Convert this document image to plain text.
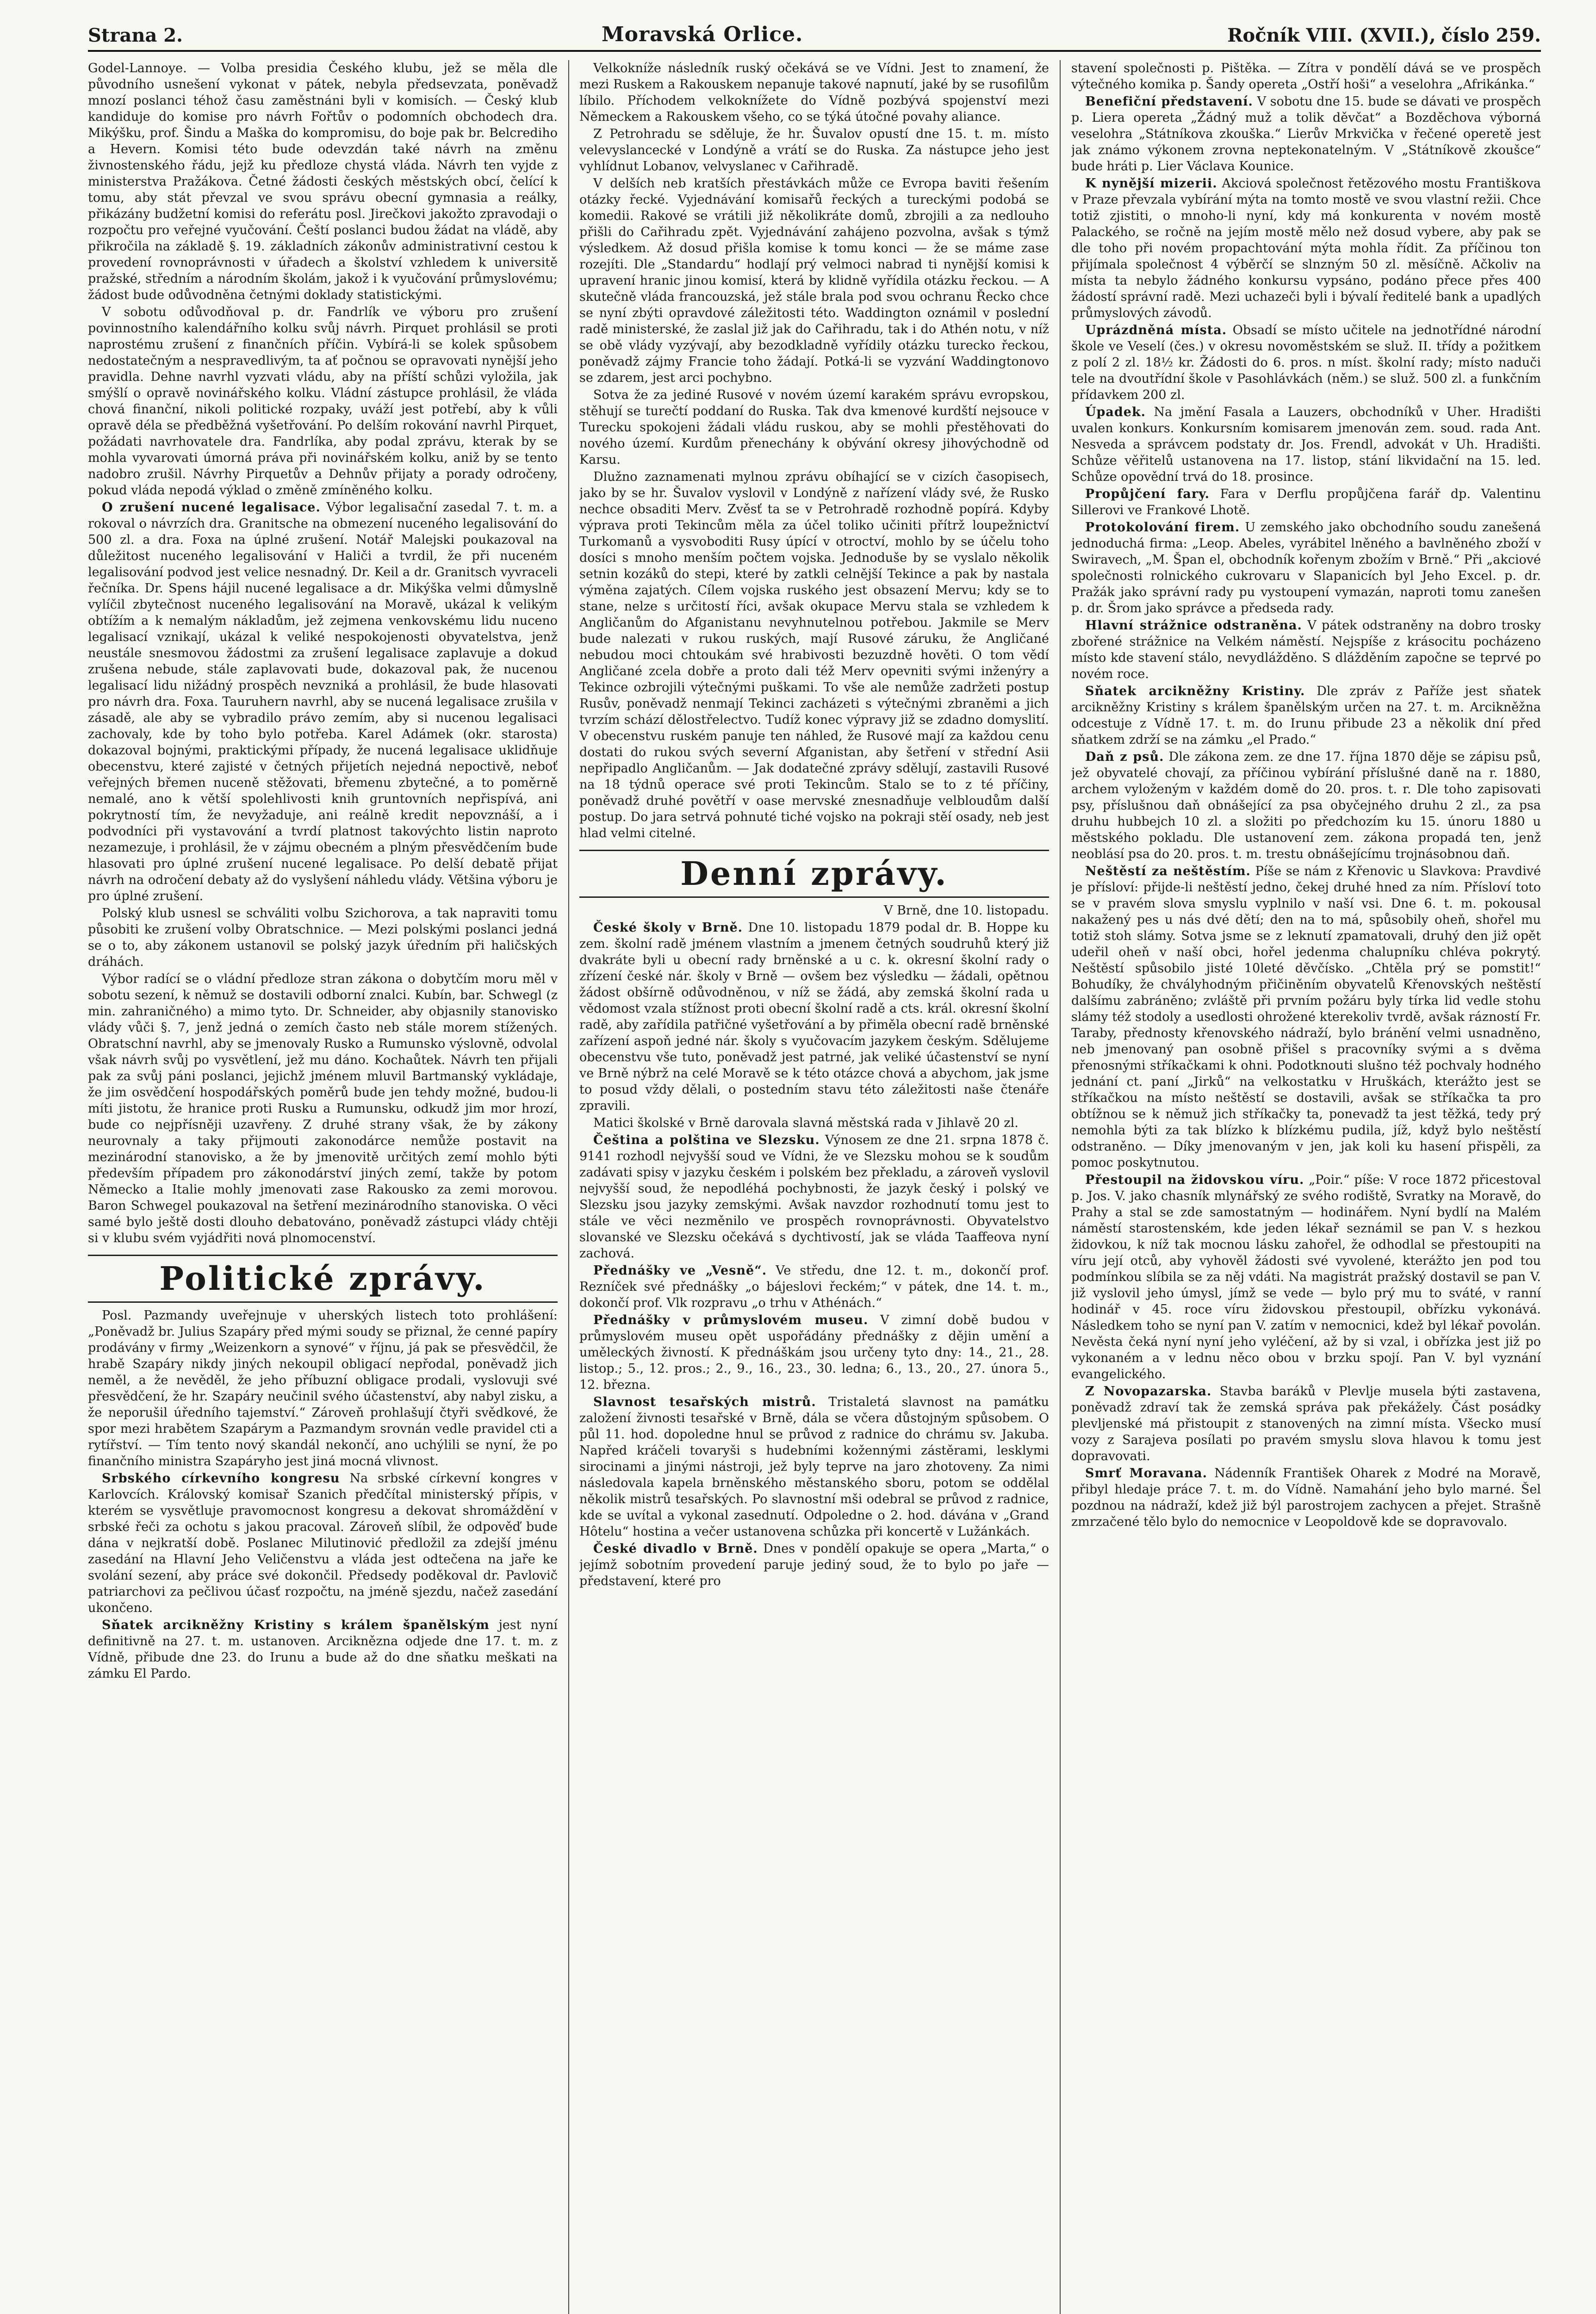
Strana 2.	Moravská Orlice.	Ročník VIII. (XVII.), číslo 259.

Godel-Lannoye. — Volba presidia Českého klubu, jež se měla dle původního usnešení vykonat v pátek, nebyla předsevzata, poněvadž mnozí poslanci téhož času zaměstnáni byli v komisích. — Český klub kandiduje do komise pro návrh Fořtův o podomních obchodech dra. Mikýšku, prof. Šindu a Maška do kompromisu, do boje pak br. Belcrediho a Hevern. Komisi této bude odevzdán také návrh na změnu živnostenského řádu, jejž ku předloze chystá vláda. Návrh ten vyjde z ministerstva Pražákova. Četné žádosti českých městských obcí, čelící k tomu, aby stát převzal ve svou správu obecní gymnasia a reálky, přikázány budžetní komisi do referátu posl. Jirečkovi jakožto zpravodaji o rozpočtu pro veřejné vyučování. Čeští poslanci budou žádat na vládě, aby přikročila na základě §. 19. základních zákonův administrativní cestou k provedení rovnoprávnosti v úřadech a školství vzhledem k universitě pražské, středním a národním školám, jakož i k vyučování průmyslovému; žádost bude odůvodněna četnými doklady statistickými.

V sobotu odůvodňoval p. dr. Fandrlík ve výboru pro zrušení povinnostního kalendářního kolku svůj návrh. Pirquet prohlásil se proti naprostému zrušení z finančních příčin. Vybírá-li se kolek spůsobem nedostatečným a nespravedlivým, ta ať počnou se opravovati nynější jeho pravidla. Dehne navrhl vyzvati vládu, aby na příští schůzi vyložila, jak smýšlí o opravě novinářského kolku. Vládní zástupce prohlásil, že vláda chová finanční, nikoli politické rozpaky, uváží jest potřebí, aby k vůli opravě déla se předběžná vyšetřování. Po delším rokování navrhl Pirquet, požádati navrhovatele dra. Fandrlíka, aby podal zprávu, kterak by se mohla vyvarovati úmorná práva při novinářském kolku, aniž by se tento nadobro zrušil. Návrhy Pirquetův a Dehnův přijaty a porady odročeny, pokud vláda nepodá výklad o změně zmíněného kolku.

O zrušení nucené legalisace. Výbor legalisační zasedal 7. t. m. a rokoval o návrzích dra. Granitsche na obmezení nuceného legalisování do 500 zl. a dra. Foxa na úplné zrušení. Notář Malejski poukazoval na důležitost nuceného legalisování v Haliči a tvrdil, že při nuceném legalisování podvod jest velice nesnadný. Dr. Keil a dr. Granitsch vyvraceli řečníka. Dr. Spens hájil nucené legalisace a dr. Mikýška velmi důmyslně vylíčil zbytečnost nuceného legalisování na Moravě, ukázal k velikým obtížím a k nemalým nákladům, jež zejmena venkovskému lidu nuceno legalisací vznikají, ukázal k veliké nespokojenosti obyvatelstva, jenž neustále snesmovou žádostmi za zrušení legalisace zaplavuje a dokud zrušena nebude, stále zaplavovati bude, dokazoval pak, že nucenou legalisací lidu nižádný prospěch nevzniká a prohlásil, že bude hlasovati pro návrh dra. Foxa. Tauruhern navrhl, aby se nucená legalisace zrušila v zásadě, ale aby se vybradilo právo zemím, aby si nucenou legalisaci zachovaly, kde by toho bylo potřeba. Karel Adámek (okr. starosta) dokazoval bojnými, praktickými případy, že nucená legalisace uklidňuje obecenstvu, které zajisté v četných přijetích nejedná nepoctivě, neboť veřejných břemen nuceně stěžovati, břemenu zbytečné, a to poměrně nemalé, ano k větší spolehlivosti knih gruntovních nepřispívá, ani pokrytností tím, že nevyžaduje, ani reálně kredit nepovznáší, a i podvodníci při vystavování a tvrdí platnost takovýchto listin naproto nezamezuje, i prohlásil, že v zájmu obecném a plným přesvědčením bude hlasovati pro úplné zrušení nucené legalisace. Po delší debatě přijat návrh na odročení debaty až do vyslyšení náhledu vlády. Většina výboru je pro úplné zrušení.

Polský klub usnesl se schváliti volbu Szichorova, a tak napraviti tomu působiti ke zrušení volby Obratschnice. — Mezi polskými poslanci jedná se o to, aby zákonem ustanovil se polský jazyk úředním při haličských dráhách.

Výbor radící se o vládní předloze stran zákona o dobytčím moru měl v sobotu sezení, k němuž se dostavili odborní znalci. Kubín, bar. Schwegl (z min. zahraničného) a mimo tyto. Dr. Schneider, aby objasnily stanovisko vlády vůči §. 7, jenž jedná o zemích často neb stále morem stížených. Obratschní navrhl, aby se jmenovaly Rusko a Rumunsko výslovně, odvolal však návrh svůj po vysvětlení, jež mu dáno. Kochaůtek. Návrh ten přijali pak za svůj páni poslanci, jejichž jménem mluvil Bartmanský vykládaje, že jim osvědčení hospodářských poměrů bude jen tehdy možné, budou-li míti jistotu, že hranice proti Rusku a Rumunsku, odkudž jim mor hrozí, bude co nejpřísněji uzavřeny. Z druhé strany však, že by zákony neurovnaly a taky přijmouti zakonodárce nemůže postavit na mezinárodní stanovisko, a že by jmenovitě určitých zemí mohlo býti především případem pro zákonodárství jiných zemí, takže by potom Německo a Italie mohly jmenovati zase Rakousko za zemi morovou. Baron Schwegel poukazoval na šetření mezinárodního stanoviska. O věci samé bylo ještě dosti dlouho debatováno, poněvadž zástupci vlády chtěji si v klubu svém vyjádřiti nová plnomocenství.

Politické zprávy.

Posl. Pazmandy uveřejnuje v uherských listech toto prohlášení: „Poněvadž br. Julius Szapáry před mými soudy se přiznal, že cenné papíry prodávány v firmy „Weizenkorn a synové“ v říjnu, já pak se přesvědčil, že hrabě Szapáry nikdy jiných nekoupil obligací nepřodal, poněvadž jich neměl, a že nevěděl, že jeho příbuzní obligace prodali, vyslovuji své přesvědčení, že hr. Szapáry neučinil svého účastenství, aby nabyl zisku, a že neporušil úředního tajemství.“ Zároveň prohlašují čtyři svědkové, že spor mezi hrabětem Szapárym a Pazmandym srovnán vedle pravidel cti a rytířství. — Tím tento nový skandál nekončí, ano uchýlili se nyní, že po finančního ministra Szapáryho jest jiná mocná vlivnost.

Srbského církevního kongresu Na srbské církevní kongres v Karlovcích. Královský komisař Szanich předčítal ministerský přípis, v kterém se vysvětluje pravomocnost kongresu a dekovat shromáždění v srbské řeči za ochotu s jakou pracoval. Zároveň slíbil, že odpověď bude dána v nejkratší době. Poslanec Milutinović předložil za zdejší jménu zasedání na Hlavní Jeho Veličenstvu a vláda jest odtečena na jaře ke svolání sezení, aby práce své dokončil. Předsedy poděkoval dr. Pavlovič patriarchovi za pečlivou účasť rozpočtu, na jméně sjezdu, načež zasedání ukončeno.

Sňatek arcikněžny Kristiny s králem španělským jest nyní definitivně na 27. t. m. ustanoven. Arciknězna odjede dne 17. t. m. z Vídně, přibude dne 23. do Irunu a bude až do dne sňatku meškati na zámku El Pardo.

Velkokníže následník ruský očekává se ve Vídni. Jest to znamení, že mezi Ruskem a Rakouskem nepanuje takové napnutí, jaké by se rusofilům líbilo. Příchodem velkoknížete do Vídně pozbývá spojenství mezi Německem a Rakouskem všeho, co se týká útočné povahy aliance.

Z Petrohradu se sděluje, že hr. Šuvalov opustí dne 15. t. m. místo velevyslancecké v Londýně a vrátí se do Ruska. Za nástupce jeho jest vyhlídnut Lobanov, velvyslanec v Cařihradě.

V delších neb kratších přestávkách může ce Evropa baviti řešením otázky řecké. Vyjednávání komisařů řeckých a tureckými podobá se komedii. Rakové se vrátili již několikráte domů, zbrojili a za nedlouho přišli do Cařihradu zpět. Vyjednávání zahájeno pozvolna, avšak s týmž výsledkem. Až dosud přišla komise k tomu konci — že se máme zase rozejíti. Dle „Standardu“ hodlají prý velmoci nabrad ti nynější komisi k upravení hranic jinou komisí, která by klidně vyřídila otázku řeckou. — A skutečně vláda francouzská, jež stále brala pod svou ochranu Řecko chce se nyní zbýti opravdové záležitosti této. Waddington oznámil v poslední radě ministerské, že zaslal již jak do Cařihradu, tak i do Athén notu, v níž se obě vlády vyzývají, aby bezodkladně vyřídily otázku turecko řeckou, poněvadž zájmy Francie toho žádají. Potká-li se vyzvání Waddingtonovo se zdarem, jest arci pochybno.

Sotva že za jediné Rusové v novém území karakém správu evropskou, stěhují se turečtí poddaní do Ruska. Tak dva kmenové kurdští nejsouce v Turecku spokojeni žádali vládu ruskou, aby se mohli přestěhovati do nového území. Kurdům přenechány k obývání okresy jihovýchodně od Karsu.

Dlužno zaznamenati mylnou zprávu obíhající se v cizích časopisech, jako by se hr. Šuvalov vyslovil v Londýně z nařízení vlády své, že Rusko nechce obsaditi Merv. Zvěsť ta se v Petrohradě rozhodně popírá. Kdyby výprava proti Tekincům měla za účel toliko učiniti přítrž loupežnictví Turkomanů a vysvoboditi Rusy úpící v otroctví, mohlo by se účelu toho dosíci s mnoho menším počtem vojska. Jednoduše by se vyslalo několik setnin kozáků do stepi, které by zatkli celnější Tekince a pak by nastala výměna zajatých. Cílem vojska ruského jest obsazení Mervu; kdy se to stane, nelze s určitostí říci, avšak okupace Mervu stala se vzhledem k Angličanům do Afganistanu nevyhnutelnou potřebou. Jakmile se Merv bude nalezati v rukou ruských, mají Rusové záruku, že Angličané nebudou moci chtoukám své hrabivosti bezuzdně hověti. O tom vědí Angličané zcela dobře a proto dali též Merv opevniti svými inženýry a Tekince ozbrojili výtečnými puškami. To vše ale nemůže zadržeti postup Rusův, poněvadž nenmají Tekinci zacházeti s výtečnými zbraněmi a jich tvrzím schází dělostřelectvo. Tudíž konec výpravy již se zdadno domyslití. V obecenstvu ruském panuje ten náhled, že Rusové mají za každou cenu dostati do rukou svých severní Afganistan, aby šetření v střední Asii nepřipadlo Angličanům. — Jak dodatečné zprávy sdělují, zastavili Rusové na 18 týdnů operace své proti Tekincům. Stalo se to z té příčiny, poněvadž druhé povětří v oase mervské znesnadňuje velbloudům další postup. Do jara setrvá pohnuté tiché vojsko na pokraji stěí osady, neb jest hlad velmi citelné.

Denní zprávy.

V Brně, dne 10. listopadu.

České školy v Brně. Dne 10. listopadu 1879 podal dr. B. Hoppe ku zem. školní radě jménem vlastním a jmenem četných soudruhů který již dvakráte byli u obecní rady brněnské a u c. k. okresní školní rady o zřízení české nár. školy v Brně — ovšem bez výsledku — žádali, opětnou žádost obšírně odůvodněnou, v níž se žádá, aby zemská školní rada u vědomost vzala stížnost proti obecní školní radě a cts. král. okresní školní radě, aby zařídila patřičné vyšetřování a by přiměla obecní radě brněnské zařízení aspoň jedné nár. školy s vyučovacím jazykem českým. Sdělujeme obecenstvu vše tuto, poněvadž jest patrné, jak veliké účastenství se nyní ve Brně nýbrž na celé Moravě se k této otázce chová a abychom, jak jsme to posud vždy dělali, o postedním stavu této záležitosti naše čtenáře zpravili.

Matici školské v Brně darovala slavná městská rada v Jihlavě 20 zl.

Čeština a polština ve Slezsku. Výnosem ze dne 21. srpna 1878 č. 9141 rozhodl nejvyšší soud ve Vídni, že ve Slezsku mohou se k soudům zadávati spisy v jazyku českém i polském bez překladu, a zároveň vyslovil nejvyšší soud, že nepodléhá pochybnosti, že jazyk český i polský ve Slezsku jsou jazyky zemskými. Avšak navzdor rozhodnutí tomu jest to stále ve věci nezměnilo ve prospěch rovnoprávnosti. Obyvatelstvo slovanské ve Slezsku očekává s dychtivostí, jak se vláda Taaffeova nyní zachová.

Přednášky ve „Vesně“. Ve středu, dne 12. t. m., dokončí prof. Rezníček své přednášky „o bájeslovi řeckém;“ v pátek, dne 14. t. m., dokončí prof. Vlk rozpravu „o trhu v Athénách.“

Přednášky v průmyslovém museu. V zimní době budou v průmyslovém museu opět uspořádány přednášky z dějin umění a uměleckých živností. K přednáškám jsou určeny tyto dny: 14., 21., 28. listop.; 5., 12. pros.; 2., 9., 16., 23., 30. ledna; 6., 13., 20., 27. února 5., 12. března.

Slavnost tesařských mistrů. Tristaletá slavnost na památku založení živnosti tesařské v Brně, dála se včera důstojným spůsobem. O půl 11. hod. dopoledne hnul se průvod z radnice do chrámu sv. Jakuba. Napřed kráčeli tovaryši s hudebními kožennými zástěrami, lesklymi sirocinami a jinými nástroji, jež byly teprve na jaro zhotoveny. Za nimi následovala kapela brněnského městanského sboru, potom se oddělal několik mistrů tesařských. Po slavnostní mši odebral se průvod z radnice, kde se uvítal a vykonal zasednutí. Odpoledne o 2. hod. dávána v „Grand Hôtelu“ hostina a večer ustanovena schůzka při koncertě v Lužánkách.

České divadlo v Brně. Dnes v pondělí opakuje se opera „Marta,“ o jejímž sobotním provedení paruje jediný soud, že to bylo po jaře — představení, které pro

stavení společnosti p. Pištěka. — Zítra v pondělí dává se ve prospěch výtečného komika p. Šandy opereta „Ostří hoši“ a veselohra „Afrikánka.“

Benefiční představení. V sobotu dne 15. bude se dávati ve prospěch p. Liera opereta „Žádný muž a tolik děvčat“ a Bozděchova výborná veselohra „Státníkova zkouška.“ Lierův Mrkvička v řečené operetě jest jak známo výkonem zrovna neptekonatelným. V „Státníkově zkoušce“ bude hráti p. Lier Václava Kounice.

K nynější mizerii. Akciová společnost řetězového mostu Františkova v Praze převzala vybírání mýta na tomto mostě ve svou vlastní režii. Chce totiž zjistiti, o mnoho-li nyní, kdy má konkurenta v novém mostě Palackého, se ročně na jejím mostě mělo než dosud vybere, aby pak se dle toho při novém propachtování mýta mohla řídit. Za příčinou ton přijímala společnost 4 výběrčí se slnzným 50 zl. měsíčně. Ačkoliv na místa ta nebylo žádného konkursu vypsáno, podáno přece přes 400 žádostí správní radě. Mezi uchazeči byli i bývalí ředitelé bank a upadlých průmyslových závodů.

Uprázdněná místa. Obsadí se místo učitele na jednotřídné národní škole ve Veselí (čes.) v okresu novoměstském se služ. II. třídy a požitkem z polí 2 zl. 18½ kr. Žádosti do 6. pros. n míst. školní rady; místo naduči tele na dvoutřídní škole v Pasohlávkách (něm.) se služ. 500 zl. a funkčním přídavkem 200 zl.

Úpadek. Na jmění Fasala a Lauzers, obchodníků v Uher. Hradišti uvalen konkurs. Konkursním komisarem jmenován zem. soud. rada Ant. Nesveda a správcem podstaty dr. Jos. Frendl, advokát v Uh. Hradišti. Schůze věřitelů ustanovena na 17. listop, stání likvidační na 15. led. Schůze opovědní trvá do 18. prosince.

Propůjčení fary. Fara v Derflu propůjčena farář dp. Valentinu Sillerovi ve Frankové Lhotě.

Protokolování firem. U zemského jako obchodního soudu zanešená jednoduchá firma: „Leop. Abeles, vyrábitel lněného a bavlněného zboží v Swiravech, „M. Špan el, obchodník kořenym zbožím v Brně.“ Při „akciové společnosti rolnického cukrovaru v Slapanicích byl Jeho Excel. p. dr. Pražák jako správní rady pu vystoupení vymazán, naproti tomu zanešen p. dr. Šrom jako správce a předseda rady.

Hlavní strážnice odstraněna. V pátek odstraněny na dobro trosky zbořené strážnice na Velkém náměstí. Nejspíše z krásocitu pocházeno místo kde stavení stálo, nevydlážděno. S dlážděním započne se teprvé po novém roce.

Sňatek arcikněžny Kristiny. Dle zpráv z Paříže jest sňatek arcikněžny Kristiny s králem španělským určen na 27. t. m. Arcikněžna odcestuje z Vídně 17. t. m. do Irunu přibude 23 a několik dní před sňatkem zdrží se na zámku „el Prado.“

Daň z psů. Dle zákona zem. ze dne 17. října 1870 děje se zápisu psů, jež obyvatelé chovají, za příčinou vybírání příslušné daně na r. 1880, archem vyloženým v každém domě do 20. pros. t. r. Dle toho zapisovati psy, příslušnou daň obnášející za psa obyčejného druhu 2 zl., za psa druhu hubbejch 10 zl. a složiti po předchozím ku 15. únoru 1880 u městského pokladu. Dle ustanovení zem. zákona propadá ten, jenž neoblásí psa do 20. pros. t. m. trestu obnášejícímu trojnásobnou daň.

Neštěstí za neštěstím. Píše se nám z Křenovic u Slavkova: Pravdivé je přísloví: přijde-li neštěstí jedno, čekej druhé hned za ním. Přísloví toto se v pravém slova smyslu vyplnilo v naší vsi. Dne 6. t. m. pokousal nakažený pes u nás dvé dětí; den na to má, spůsobily oheň, shořel mu totiž stoh slámy. Sotva jsme se z leknutí zpamatovali, druhý den již opět udeřil oheň v naší obci, hořel jedenma chalupníku chléva pokrytý. Neštěstí spůsobilo jisté 10leté děvčísko. „Chtěla prý se pomstit!“ Bohudíky, že chvályhodným přičiněním obyvatelů Křenovských neštěstí dalšímu zabráněno; zvláště při prvním požáru byly tírka lid vedle stohu slámy též stodoly a usedlosti ohrožené kterekoliv tvrdě, avšak rázností Fr. Taraby, přednosty křenovského nádraží, bylo bránění velmi usnadněno, neb jmenovaný pan osobně přišel s pracovníky svými a s dvěma přenosnými stříkačkami k ohni. Podotknouti slušno též pochvaly hodného jednání ct. paní „Jirků“ na velkostatku v Hruškách, kterážto jest se stříkačkou na místo neštěstí se dostavili, avšak se stříkačka ta pro obtížnou se k němuž jich stříkačky ta, ponevadž ta jest těžká, tedy prý nemohla býti za tak blízko k blízkému pudila, jíž, když bylo neštěstí odstraněno. — Díky jmenovaným v jen, jak koli ku hasení přispěli, za pomoc poskytnutou.

Přestoupil na židovskou víru. „Poir.“ píše: V roce 1872 přicestoval p. Jos. V. jako chasník mlynářský ze svého rodiště, Svratky na Moravě, do Prahy a stal se zde samostatným — hodinářem. Nyní bydlí na Malém náměstí starostenském, kde jeden lékař seznámil se pan V. s hezkou židovkou, k níž tak mocnou lásku zahořel, že odhodlal se přestoupiti na víru její otců, aby vyhověl žádosti své vyvolené, kterážto jen pod tou podmínkou slíbila se za něj vdáti. Na magistrát pražský dostavil se pan V. již vyslovil jeho úmysl, jímž se vede — bylo prý mu to sváté, v ranní hodinář v 45. roce víru židovskou přestoupil, obřízku vykonává. Následkem toho se nyní pan V. zatím v nemocnici, kdež byl lékař povolán. Nevěsta čeká nyní nyní jeho vyléčení, až by si vzal, i obřízka jest již po vykonaném a v lednu něco obou v brzku spojí. Pan V. byl vyznání evangelického.

Z Novopazarska. Stavba baráků v Plevlje musela býti zastavena, poněvadž zdraví tak že zemská správa pak překážely. Část posádky plevljenské má přistoupit z stanovených na zimní místa. Všecko musí vozy z Sarajeva posílati po pravém smyslu slova hlavou k tomu jest dopravovati.

Smrť Moravana. Nádenník František Oharek z Modré na Moravě, přibyl hledaje práce 7. t. m. do Vídně. Namahání jeho bylo marné. Šel pozdnou na nádraží, kdež již býl parostrojem zachycen a přejet. Strašně zmrzačené tělo bylo do nemocnice v Leopoldově kde se dopravovalo.
